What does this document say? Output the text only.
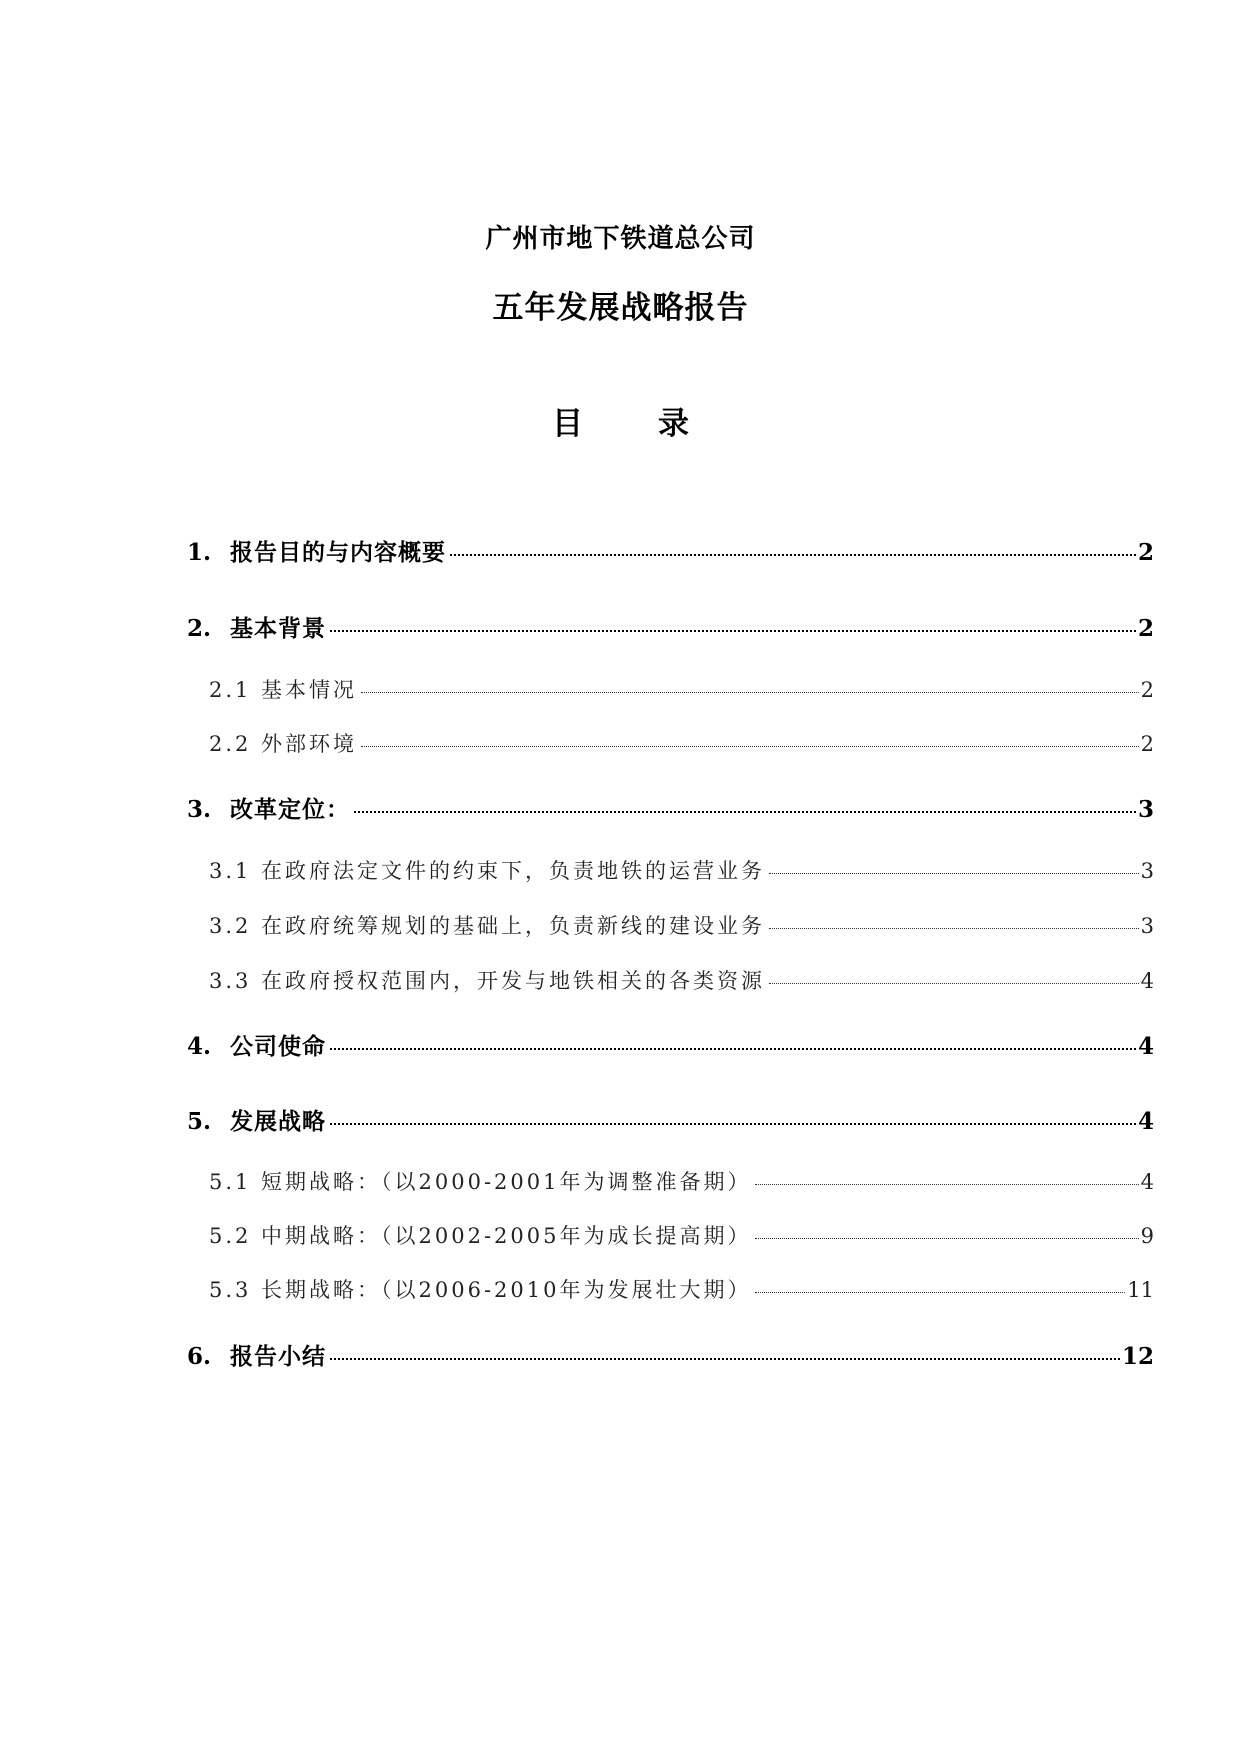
广州市地下铁道总公司
五年发展战略报告
目　录
1. 报告目的与内容概要	2
2. 基本背景	2
2.1 基本情况	2
2.2 外部环境	2
3. 改革定位：	3
3.1 在政府法定文件的约束下，负责地铁的运营业务	3
3.2 在政府统筹规划的基础上，负责新线的建设业务	3
3.3 在政府授权范围内，开发与地铁相关的各类资源	4
4. 公司使命	4
5. 发展战略	4
5.1 短期战略：（以2000-2001年为调整准备期）	4
5.2 中期战略：（以2002-2005年为成长提高期）	9
5.3 长期战略：（以2006-2010年为发展壮大期）	11
6. 报告小结	12
